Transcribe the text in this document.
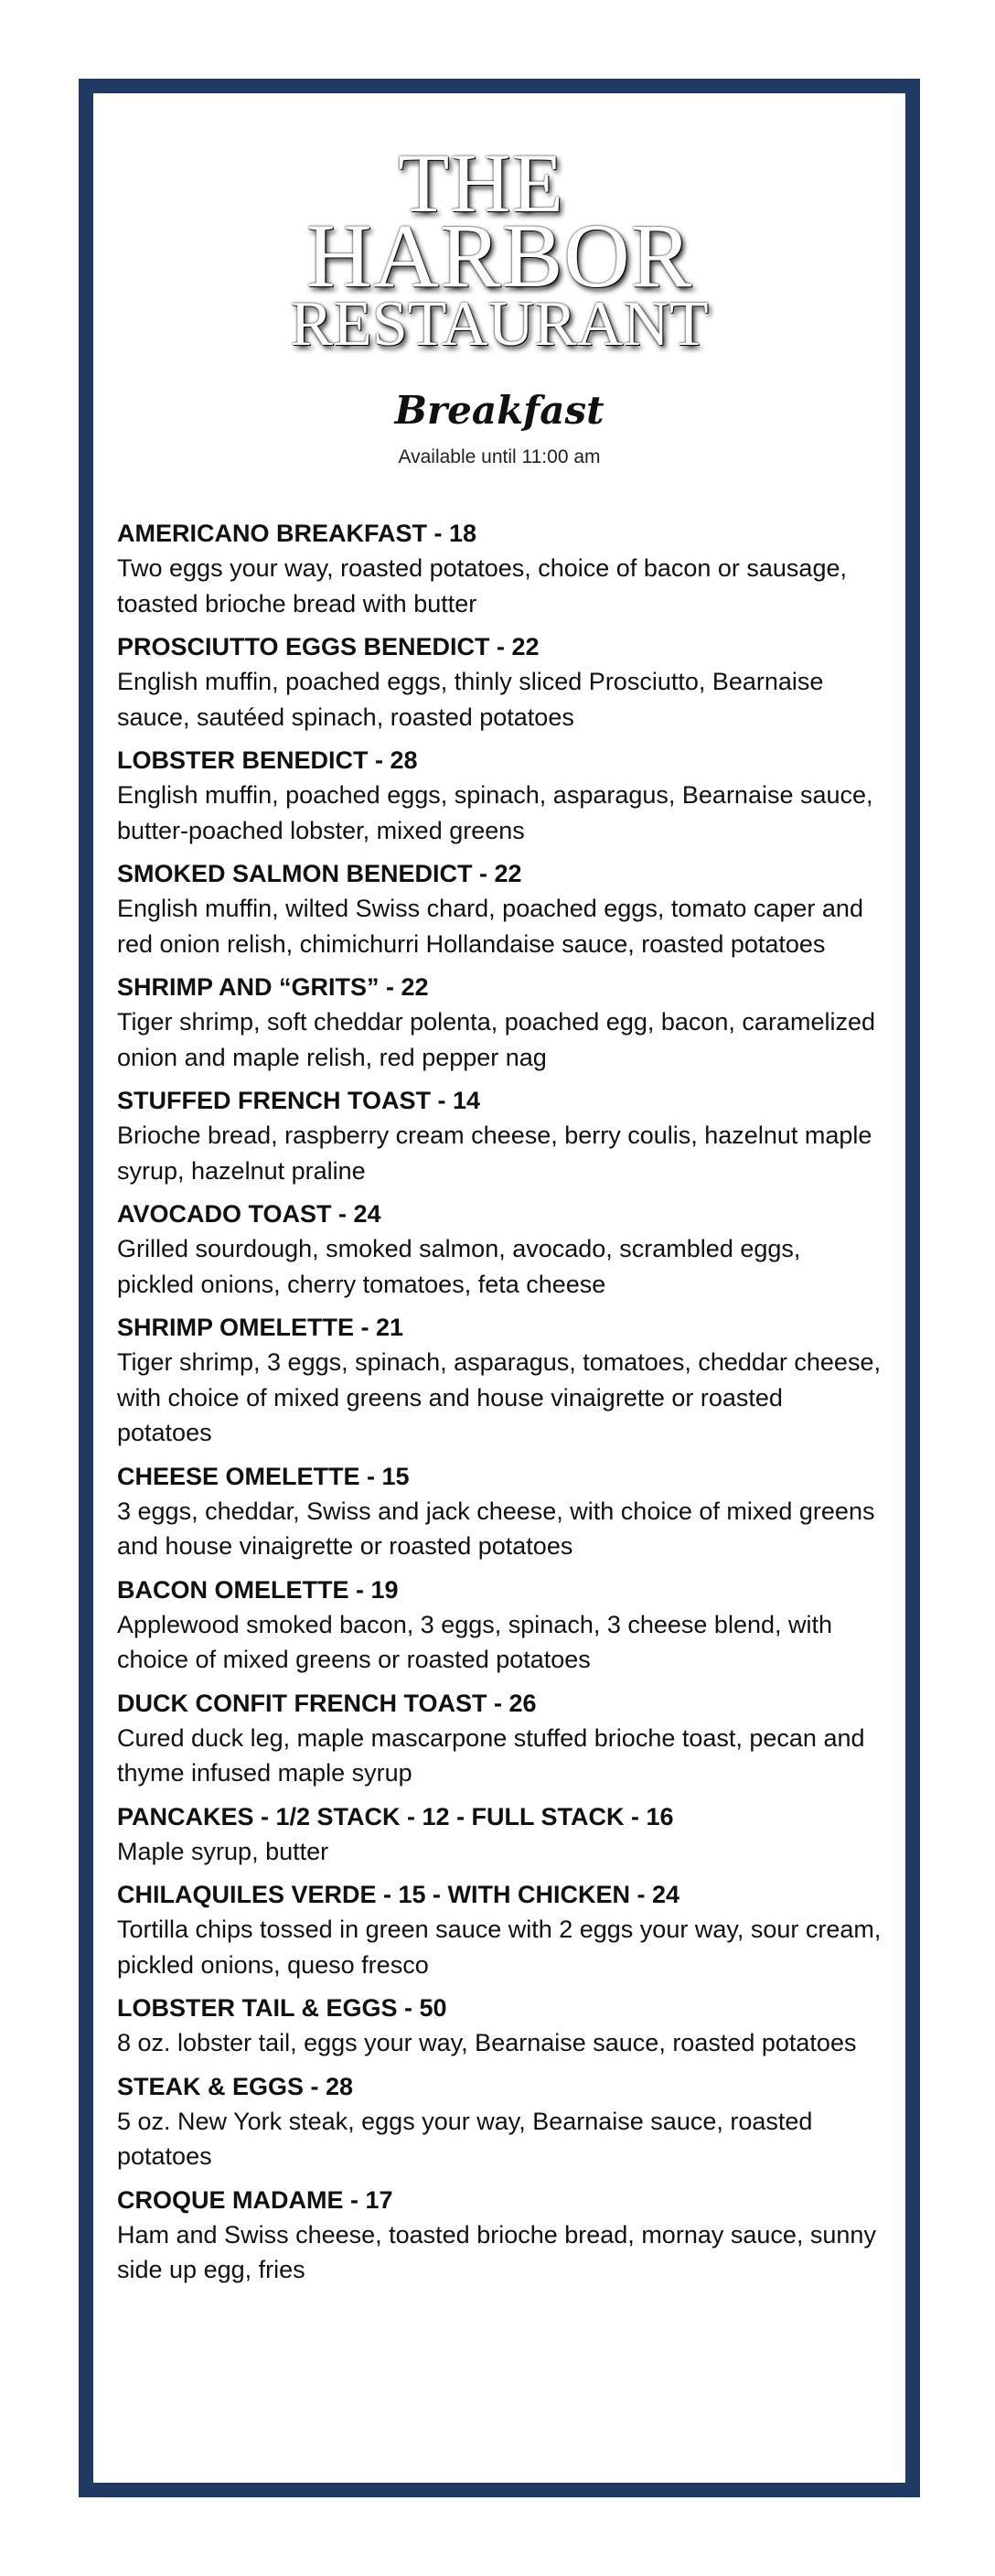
THE
HARBOR
RESTAURANT
Breakfast
Available until 11:00 am
AMERICANO BREAKFAST - 18
Two eggs your way, roasted potatoes, choice of bacon or sausage, toasted brioche bread with butter
PROSCIUTTO EGGS BENEDICT - 22
English muffin, poached eggs, thinly sliced Prosciutto, Bearnaise sauce, sautéed spinach, roasted potatoes
LOBSTER BENEDICT - 28
English muffin, poached eggs, spinach, asparagus, Bearnaise sauce, butter-poached lobster, mixed greens
SMOKED SALMON BENEDICT - 22
English muffin, wilted Swiss chard, poached eggs, tomato caper and red onion relish, chimichurri Hollandaise sauce, roasted potatoes
SHRIMP AND “GRITS” - 22
Tiger shrimp, soft cheddar polenta, poached egg, bacon, caramelized onion and maple relish, red pepper nag
STUFFED FRENCH TOAST - 14
Brioche bread, raspberry cream cheese, berry coulis, hazelnut maple syrup, hazelnut praline
AVOCADO TOAST - 24
Grilled sourdough, smoked salmon, avocado, scrambled eggs, pickled onions, cherry tomatoes, feta cheese
SHRIMP OMELETTE - 21
Tiger shrimp, 3 eggs, spinach, asparagus, tomatoes, cheddar cheese, with choice of mixed greens and house vinaigrette or roasted potatoes
CHEESE OMELETTE - 15
3 eggs, cheddar, Swiss and jack cheese, with choice of mixed greens and house vinaigrette or roasted potatoes
BACON OMELETTE - 19
Applewood smoked bacon, 3 eggs, spinach, 3 cheese blend, with choice of mixed greens or roasted potatoes
DUCK CONFIT FRENCH TOAST - 26
Cured duck leg, maple mascarpone stuffed brioche toast, pecan and thyme infused maple syrup
PANCAKES - 1/2 STACK - 12 - FULL STACK - 16
Maple syrup, butter
CHILAQUILES VERDE - 15 - WITH CHICKEN - 24
Tortilla chips tossed in green sauce with 2 eggs your way, sour cream, pickled onions, queso fresco
LOBSTER TAIL & EGGS - 50
8 oz. lobster tail, eggs your way, Bearnaise sauce, roasted potatoes
STEAK & EGGS - 28
5 oz. New York steak, eggs your way, Bearnaise sauce, roasted potatoes
CROQUE MADAME - 17
Ham and Swiss cheese, toasted brioche bread, mornay sauce, sunny side up egg, fries
